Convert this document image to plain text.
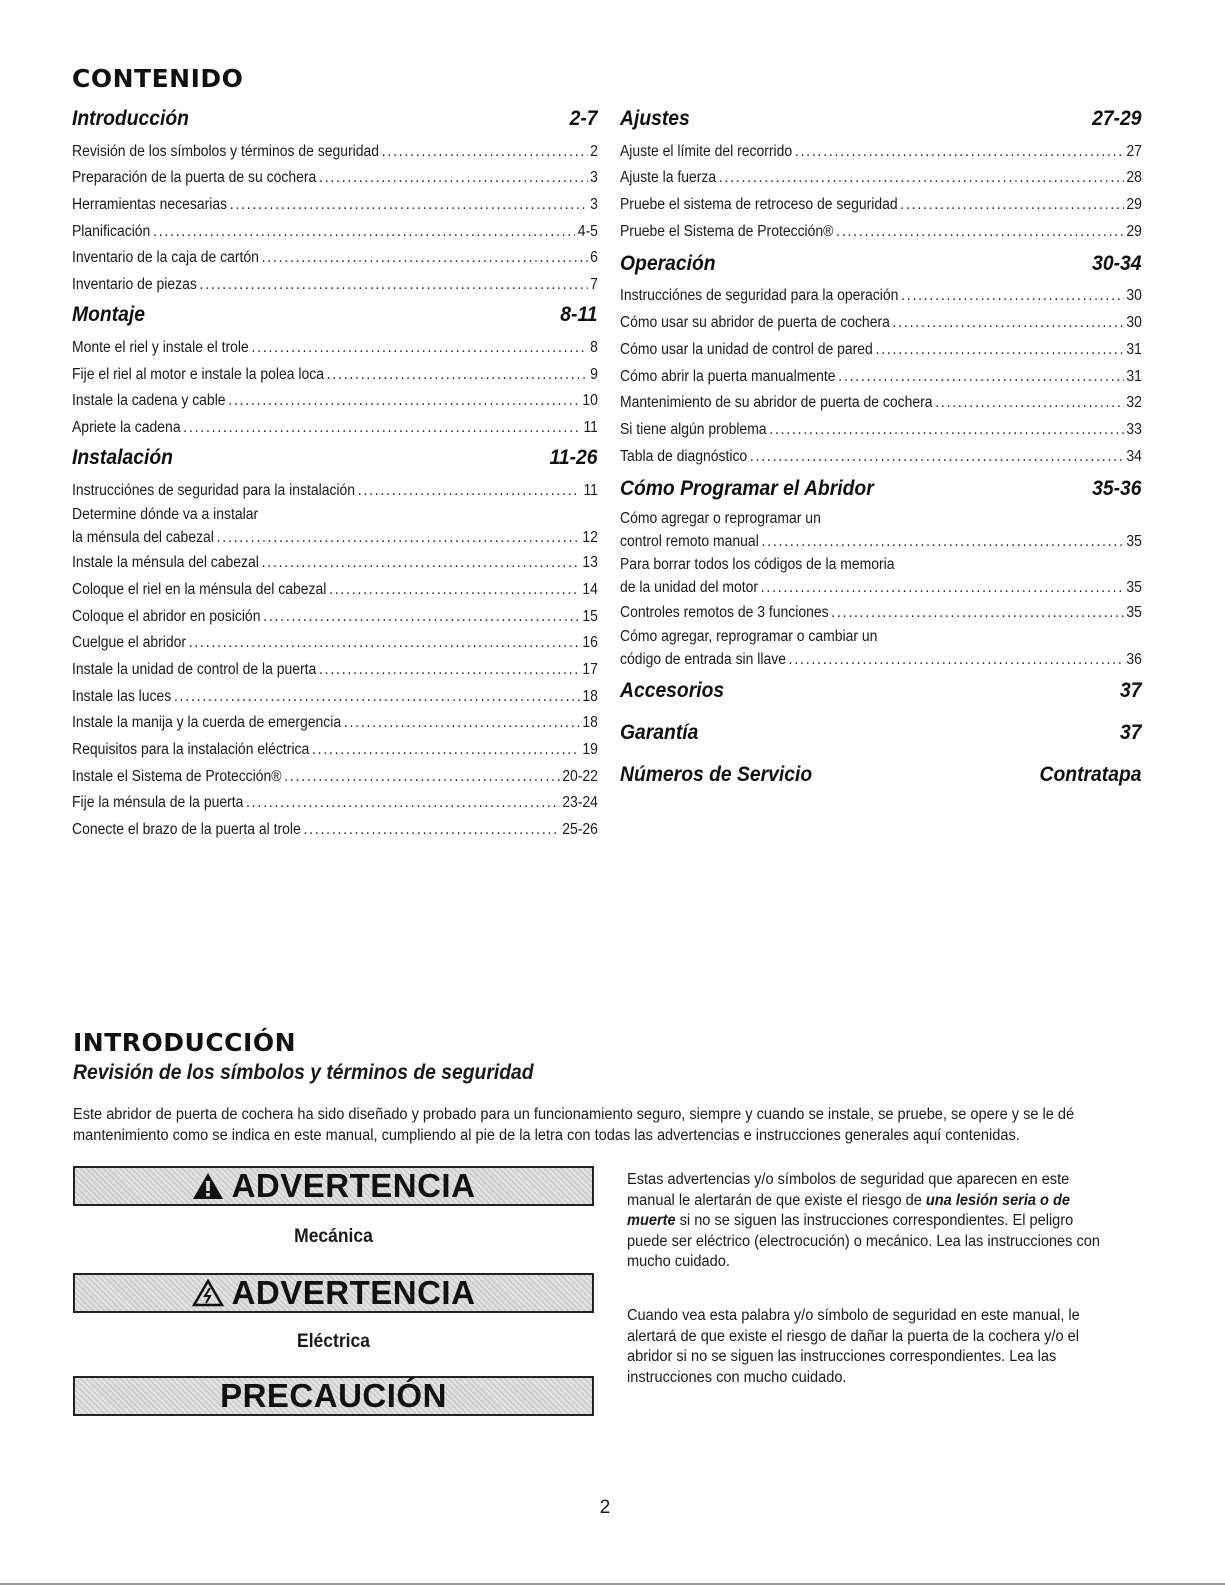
CONTENIDO
Introducción	2-7
Revisión de los símbolos y términos de seguridad .....	2
Preparación de la puerta de su cochera .....	3
Herramientas necesarias .....	3
Planificación .....	4-5
Inventario de la caja de cartón .....	6
Inventario de piezas .....	7
Montaje	8-11
Monte el riel y instale el trole .....	8
Fije el riel al motor e instale la polea loca .....	9
Instale la cadena y cable .....	10
Apriete la cadena .....	11
Instalación	11-26
Instrucciónes de seguridad para la instalación .....	11
Determine dónde va a instalar
la ménsula del cabezal .....	12
Instale la ménsula del cabezal .....	13
Coloque el riel en la ménsula del cabezal .....	14
Coloque el abridor en posición .....	15
Cuelgue el abridor .....	16
Instale la unidad de control de la puerta .....	17
Instale las luces .....	18
Instale la manija y la cuerda de emergencia .....	18
Requisitos para la instalación eléctrica .....	19
Instale el Sistema de Protección® .....	20-22
Fije la ménsula de la puerta .....	23-24
Conecte el brazo de la puerta al trole .....	25-26
Ajustes	27-29
Ajuste el límite del recorrido .....	27
Ajuste la fuerza .....	28
Pruebe el sistema de retroceso de seguridad .....	29
Pruebe el Sistema de Protección® .....	29
Operación	30-34
Instrucciónes de seguridad para la operación .....	30
Cómo usar su abridor de puerta de cochera .....	30
Cómo usar la unidad de control de pared .....	31
Cómo abrir la puerta manualmente .....	31
Mantenimiento de su abridor de puerta de cochera .....	32
Si tiene algún problema .....	33
Tabla de diagnóstico .....	34
Cómo Programar el Abridor	35-36
Cómo agregar o reprogramar un
control remoto manual .....	35
Para borrar todos los códigos de la memoria
de la unidad del motor .....	35
Controles remotos de 3 funciones .....	35
Cómo agregar, reprogramar o cambiar un
código de entrada sin llave .....	36
Accesorios	37
Garantía	37
Números de Servicio	Contratapa
INTRODUCCIÓN
Revisión de los símbolos y términos de seguridad
Este abridor de puerta de cochera ha sido diseñado y probado para un funcionamiento seguro, siempre y cuando se instale, se pruebe, se opere y se le dé mantenimiento como se indica en este manual, cumpliendo al pie de la letra con todas las advertencias e instrucciones generales aquí contenidas.
ADVERTENCIA
Mecánica
ADVERTENCIA
Eléctrica
PRECAUCIÓN
Estas advertencias y/o símbolos de seguridad que aparecen en este manual le alertarán de que existe el riesgo de una lesión seria o de muerte si no se siguen las instrucciones correspondientes. El peligro puede ser eléctrico (electrocución) o mecánico. Lea las instrucciones con mucho cuidado.
Cuando vea esta palabra y/o símbolo de seguridad en este manual, le alertará de que existe el riesgo de dañar la puerta de la cochera y/o el abridor si no se siguen las instrucciones correspondientes. Lea las instrucciones con mucho cuidado.
2
